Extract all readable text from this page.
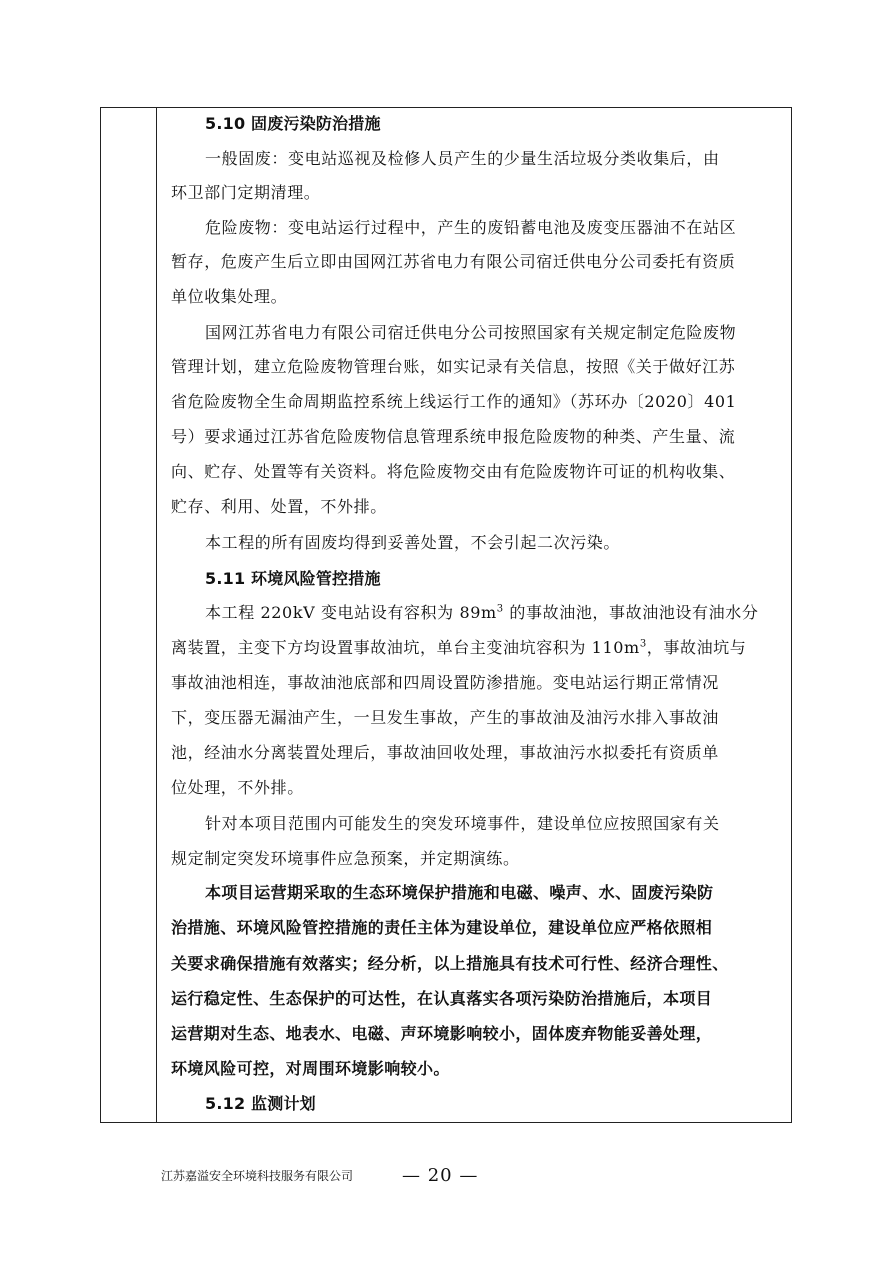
5.10 固废污染防治措施
一般固废：变电站巡视及检修人员产生的少量生活垃圾分类收集后，由
环卫部门定期清理。
危险废物：变电站运行过程中，产生的废铅蓄电池及废变压器油不在站区
暂存，危废产生后立即由国网江苏省电力有限公司宿迁供电分公司委托有资质
单位收集处理。
国网江苏省电力有限公司宿迁供电分公司按照国家有关规定制定危险废物
管理计划，建立危险废物管理台账，如实记录有关信息，按照《关于做好江苏
省危险废物全生命周期监控系统上线运行工作的通知》（苏环办〔2020〕401
号）要求通过江苏省危险废物信息管理系统申报危险废物的种类、产生量、流
向、贮存、处置等有关资料。将危险废物交由有危险废物许可证的机构收集、
贮存、利用、处置，不外排。
本工程的所有固废均得到妥善处置，不会引起二次污染。
5.11 环境风险管控措施
本工程 220kV 变电站设有容积为 $89m^3$ 的事故油池，事故油池设有油水分
离装置，主变下方均设置事故油坑，单台主变油坑容积为 $110m^3$，事故油坑与
事故油池相连，事故油池底部和四周设置防渗措施。变电站运行期正常情况
下，变压器无漏油产生，一旦发生事故，产生的事故油及油污水排入事故油
池，经油水分离装置处理后，事故油回收处理，事故油污水拟委托有资质单
位处理，不外排。
针对本项目范围内可能发生的突发环境事件，建设单位应按照国家有关
规定制定突发环境事件应急预案，并定期演练。
本项目运营期采取的生态环境保护措施和电磁、噪声、水、固废污染防
治措施、环境风险管控措施的责任主体为建设单位，建设单位应严格依照相
关要求确保措施有效落实；经分析，以上措施具有技术可行性、经济合理性、
运行稳定性、生态保护的可达性，在认真落实各项污染防治措施后，本项目
运营期对生态、地表水、电磁、声环境影响较小，固体废弃物能妥善处理，
环境风险可控，对周围环境影响较小。
5.12 监测计划
江苏嘉溢安全环境科技服务有限公司	— 20 —
